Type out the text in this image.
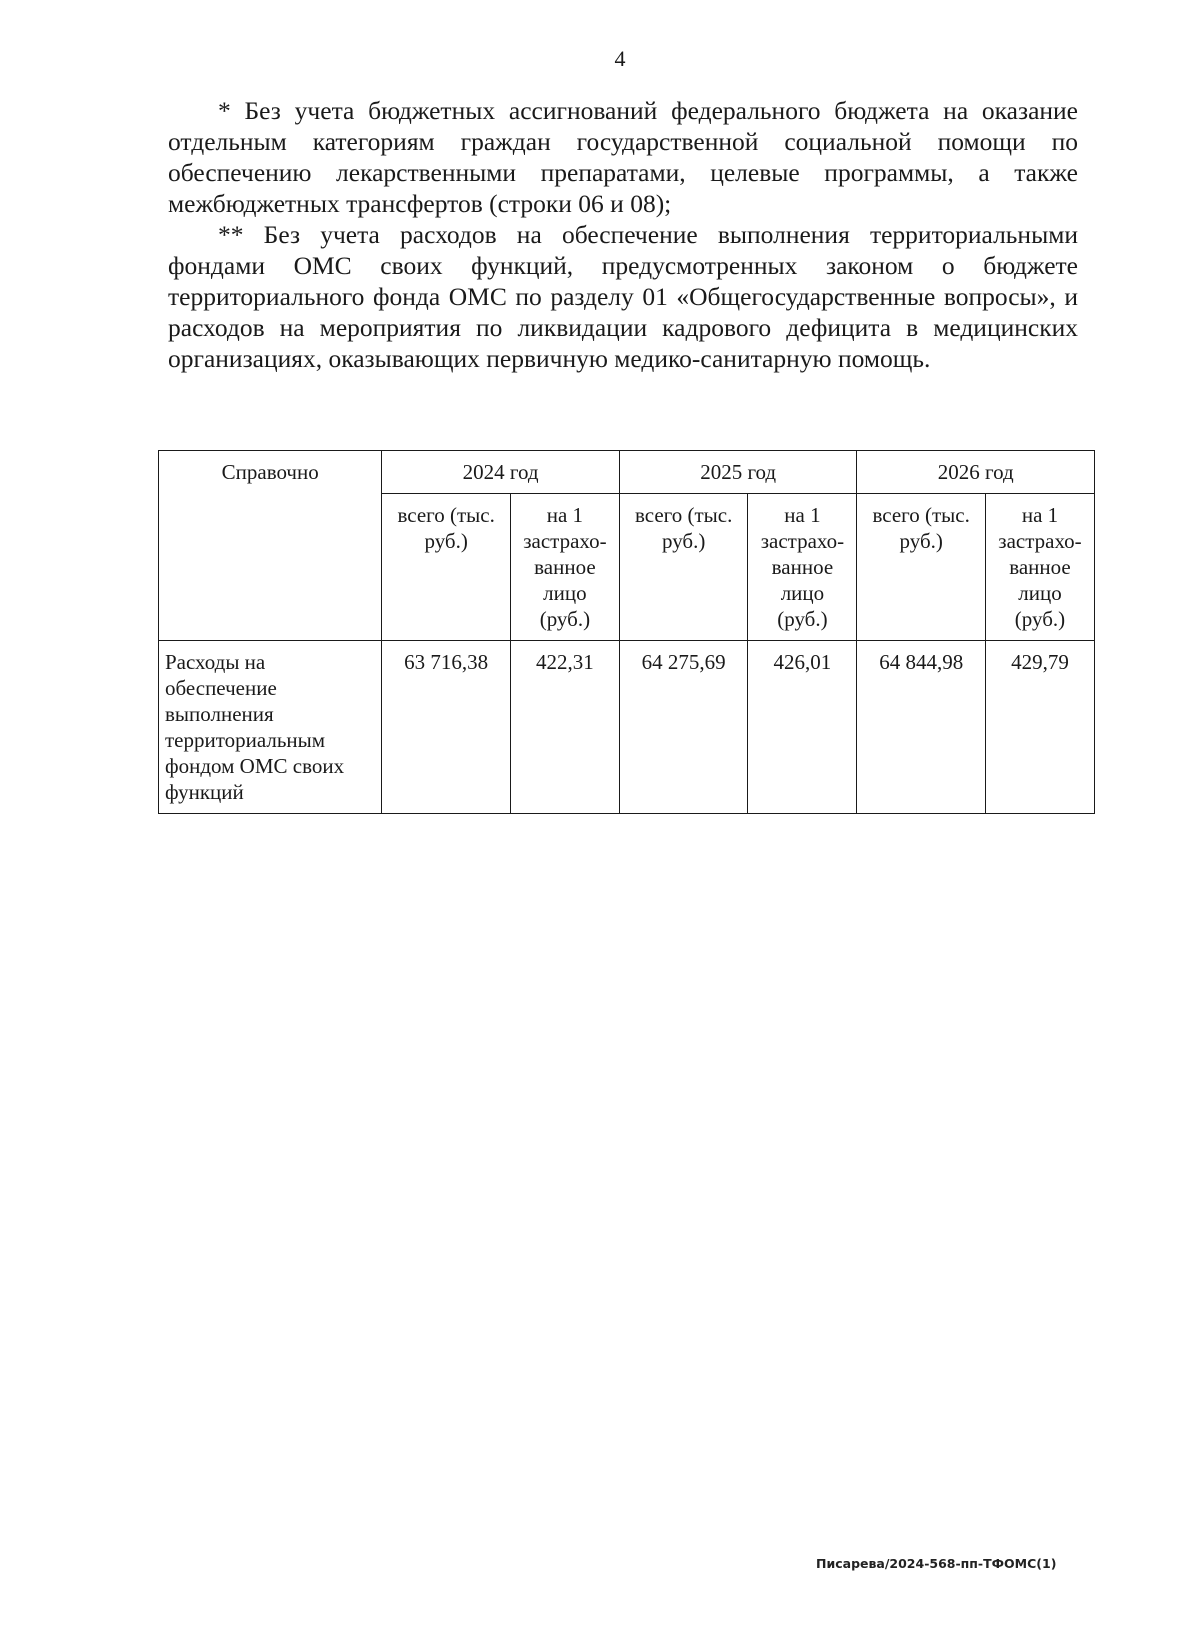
4

* Без учета бюджетных ассигнований федерального бюджета на оказание отдельным категориям граждан государственной социальной помощи по обеспечению лекарственными препаратами, целевые программы, а также межбюджетных трансфертов (строки 06 и 08);

** Без учета расходов на обеспечение выполнения территориальными фондами ОМС своих функций, предусмотренных законом о бюджете территориального фонда ОМС по разделу 01 «Общегосударственные вопросы», и расходов на мероприятия по ликвидации кадрового дефицита в медицинских организациях, оказывающих первичную медико-санитарную помощь.

Справочно	2024 год		2025 год		2026 год	
	всего (тыс. руб.)	на 1 застрахо-ванное лицо (руб.)	всего (тыс. руб.)	на 1 застрахо-ванное лицо (руб.)	всего (тыс. руб.)	на 1 застрахо-ванное лицо (руб.)
Расходы на обеспечение выполнения территориальным фондом ОМС своих функций	63 716,38	422,31	64 275,69	426,01	64 844,98	429,79
Писарева/2024-568-пп-ТФОМС(1)
